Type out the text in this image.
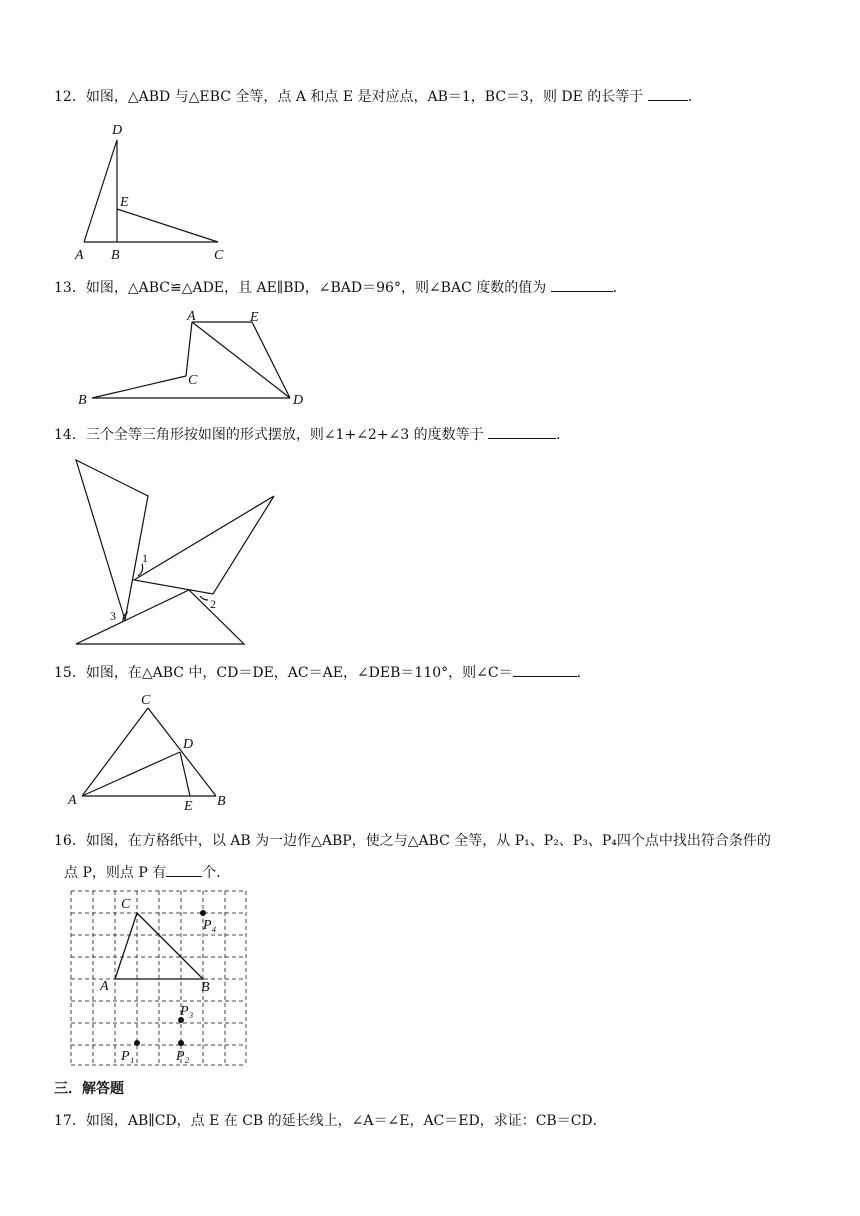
12．如图，△ABD 与△EBC 全等，点 A 和点 E 是对应点，AB＝1，BC＝3，则 DE 的长等于	．
D
E
A B	C
13．如图，△ABC≌△ADE，且 AE∥BD，∠BAD＝96°，则∠BAC 度数的值为	．
A	E
C
B	D
14．三个全等三角形按如图的形式摆放，则∠1+∠2+∠3 的度数等于	．
1
2
3
15．如图，在△ABC 中，CD＝DE，AC＝AE，∠DEB＝110°，则∠C＝	．
C
D
A	E B
16．如图，在方格纸中，以 AB 为一边作△ABP，使之与△ABC 全等，从 P₁、P₂、P₃、P₄四个点中找出符合条件的
点 P，则点 P 有	个．
C
A	B
P₄
P₃
P₁	P₂
三．解答题
17．如图，AB∥CD，点 E 在 CB 的延长线上，∠A＝∠E，AC＝ED，求证：CB＝CD．
